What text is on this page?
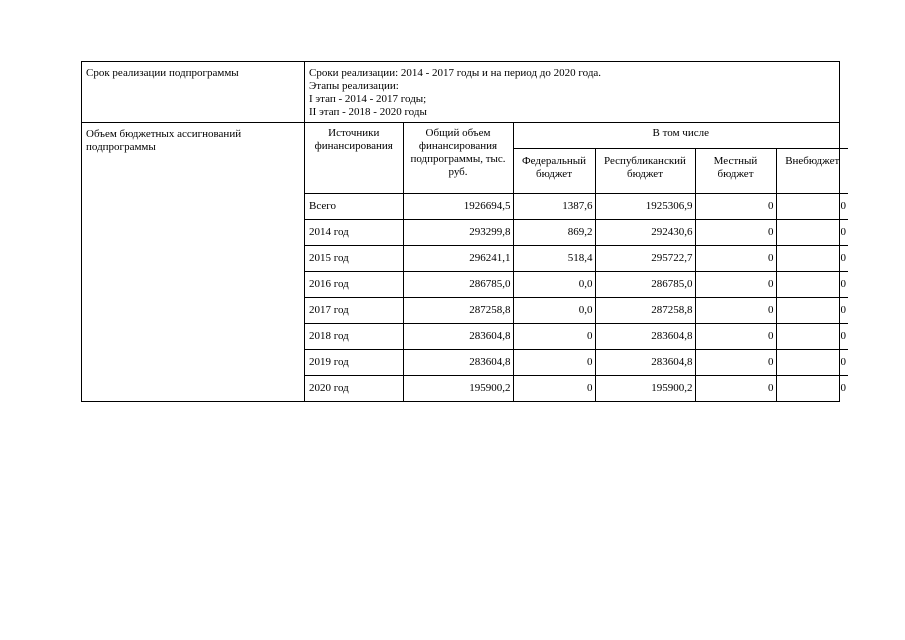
Срок реализации подпрограммы	Сроки реализации: 2014 - 2017 годы и на период до 2020 года.
Этапы реализации:
I этап - 2014 - 2017 годы;
II этап - 2018 - 2020 годы

Объем бюджетных ассигнований подпрограммы	
Источники финансирования	Общий объем финансирования подпрограммы, тыс. руб.	В том числе
Федеральный бюджет	Республиканский бюджет	Местный бюджет	Внебюджет
Всего	1926694,5	1387,6	1925306,9	0	0
2014 год	293299,8	869,2	292430,6	0	0
2015 год	296241,1	518,4	295722,7	0	0
2016 год	286785,0	0,0	286785,0	0	0
2017 год	287258,8	0,0	287258,8	0	0
2018 год	283604,8	0	283604,8	0	0
2019 год	283604,8	0	283604,8	0	0
2020 год	195900,2	0	195900,2	0	0
